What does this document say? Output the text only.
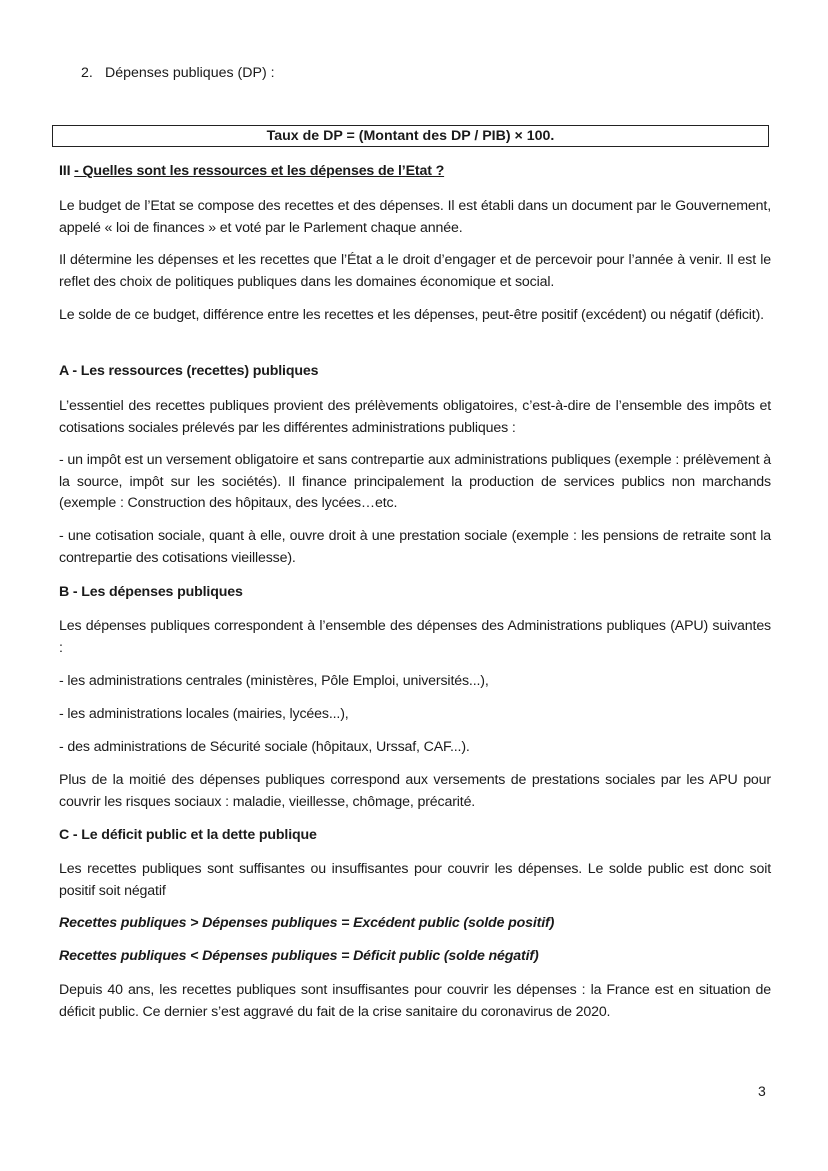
2. Dépenses publiques (DP) :
Taux de DP = (Montant des DP / PIB) × 100.
III - Quelles sont les ressources et les dépenses de l’Etat ?
Le budget de l’Etat se compose des recettes et des dépenses. Il est établi dans un document par le Gouvernement, appelé « loi de finances » et voté par le Parlement chaque année.
Il détermine les dépenses et les recettes que l’État a le droit d’engager et de percevoir pour l’année à venir. Il est le reflet des choix de politiques publiques dans les domaines économique et social.
Le solde de ce budget, différence entre les recettes et les dépenses, peut-être positif (excédent) ou négatif (déficit).
A - Les ressources (recettes) publiques
L’essentiel des recettes publiques provient des prélèvements obligatoires, c’est-à-dire de l’ensemble des impôts et cotisations sociales prélevés par les différentes administrations publiques :
- un impôt est un versement obligatoire et sans contrepartie aux administrations publiques (exemple : prélèvement à la source, impôt sur les sociétés). Il finance principalement la production de services publics non marchands (exemple : Construction des hôpitaux, des lycées…etc.
- une cotisation sociale, quant à elle, ouvre droit à une prestation sociale (exemple : les pensions de retraite sont la contrepartie des cotisations vieillesse).
B - Les dépenses publiques
Les dépenses publiques correspondent à l’ensemble des dépenses des Administrations publiques (APU) suivantes :
- les administrations centrales (ministères, Pôle Emploi, universités...),
- les administrations locales (mairies, lycées...),
- des administrations de Sécurité sociale (hôpitaux, Urssaf, CAF...).
Plus de la moitié des dépenses publiques correspond aux versements de prestations sociales par les APU pour couvrir les risques sociaux : maladie, vieillesse, chômage, précarité.
C - Le déficit public et la dette publique
Les recettes publiques sont suffisantes ou insuffisantes pour couvrir les dépenses. Le solde public est donc soit positif soit négatif
Recettes publiques > Dépenses publiques = Excédent public (solde positif)
Recettes publiques < Dépenses publiques = Déficit public (solde négatif)
Depuis 40 ans, les recettes publiques sont insuffisantes pour couvrir les dépenses : la France est en situation de déficit public. Ce dernier s’est aggravé du fait de la crise sanitaire du coronavirus de 2020.
3
